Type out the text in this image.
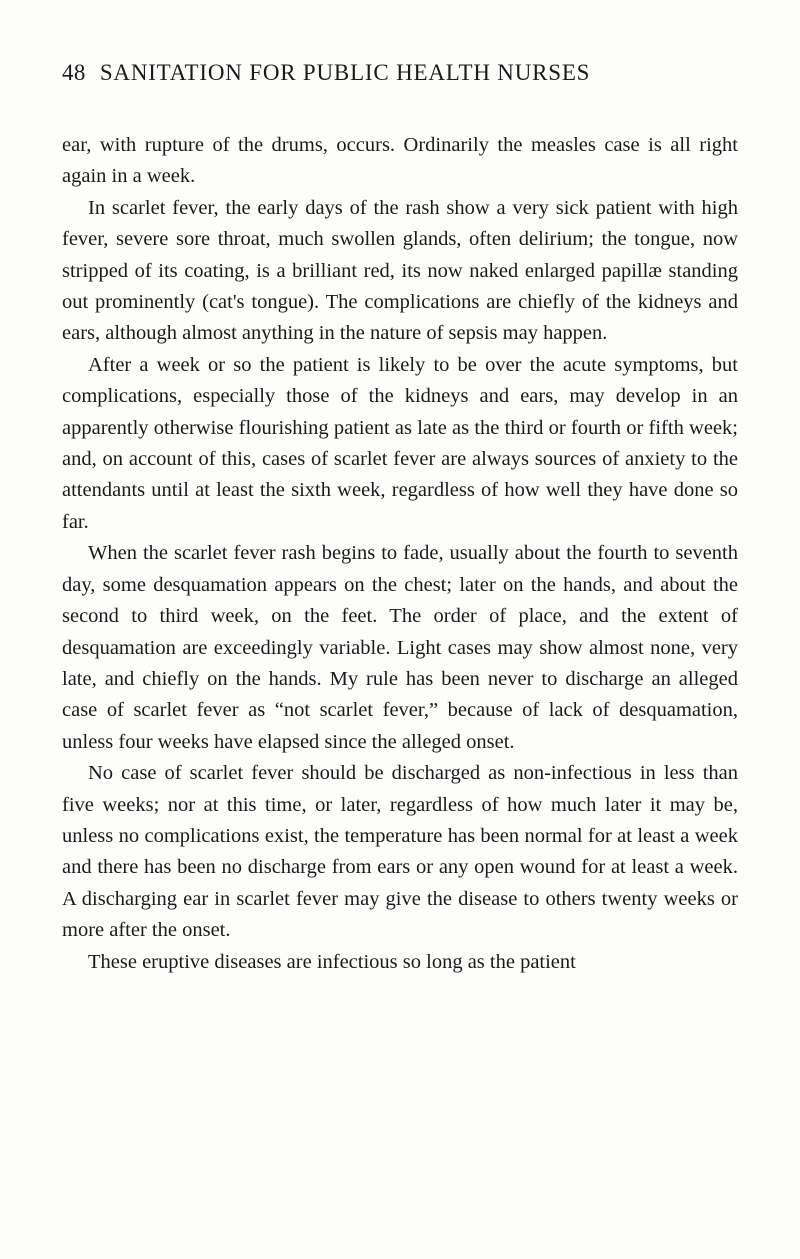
48 SANITATION FOR PUBLIC HEALTH NURSES

ear, with rupture of the drums, occurs. Ordinarily the measles case is all right again in a week.

In scarlet fever, the early days of the rash show a very sick patient with high fever, severe sore throat, much swollen glands, often delirium; the tongue, now stripped of its coating, is a brilliant red, its now naked enlarged papillæ standing out prominently (cat's tongue). The complications are chiefly of the kidneys and ears, although almost anything in the nature of sepsis may happen.

After a week or so the patient is likely to be over the acute symptoms, but complications, especially those of the kidneys and ears, may develop in an apparently otherwise flourishing patient as late as the third or fourth or fifth week; and, on account of this, cases of scarlet fever are always sources of anxiety to the attendants until at least the sixth week, regardless of how well they have done so far.

When the scarlet fever rash begins to fade, usually about the fourth to seventh day, some desquamation appears on the chest; later on the hands, and about the second to third week, on the feet. The order of place, and the extent of desquamation are exceedingly variable. Light cases may show almost none, very late, and chiefly on the hands. My rule has been never to discharge an alleged case of scarlet fever as “not scarlet fever,” because of lack of desquamation, unless four weeks have elapsed since the alleged onset.

No case of scarlet fever should be discharged as non-infectious in less than five weeks; nor at this time, or later, regardless of how much later it may be, unless no complications exist, the temperature has been normal for at least a week and there has been no discharge from ears or any open wound for at least a week. A discharging ear in scarlet fever may give the disease to others twenty weeks or more after the onset.

These eruptive diseases are infectious so long as the patient
